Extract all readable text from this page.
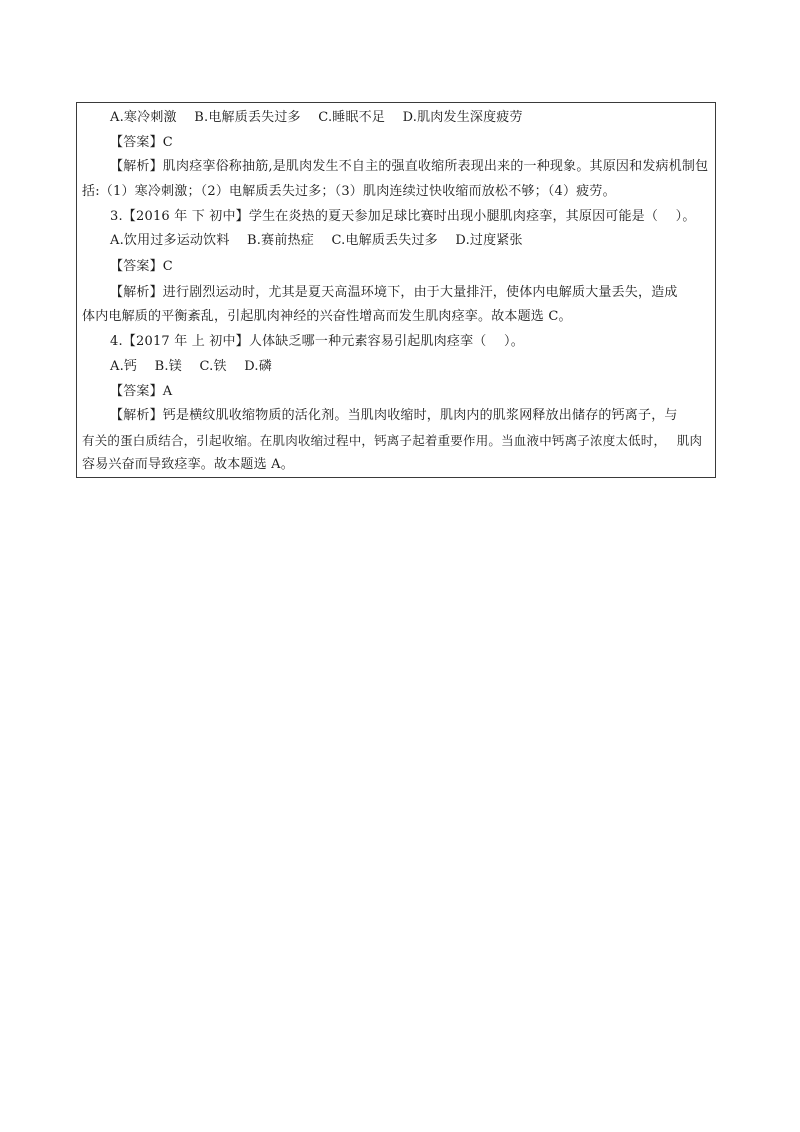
A.寒冷刺激　 B.电解质丢失过多　 C.睡眠不足　 D.肌肉发生深度疲劳
【答案】C
【解析】肌肉痉挛俗称抽筋,是肌肉发生不自主的强直收缩所表现出来的一种现象。其原因和发病机制包
括:（1）寒冷刺激；（2）电解质丢失过多；（3）肌肉连续过快收缩而放松不够；（4）疲劳。
3.【2016 年 下 初中】学生在炎热的夏天参加足球比赛时出现小腿肌肉痉挛，其原因可能是（　 ）。
A.饮用过多运动饮料　 B.赛前热症　 C.电解质丢失过多　 D.过度紧张
【答案】C
【解析】进行剧烈运动时，尤其是夏天高温环境下，由于大量排汗，使体内电解质大量丢失，造成
体内电解质的平衡紊乱，引起肌肉神经的兴奋性增高而发生肌肉痉挛。故本题选 C。
4.【2017 年 上 初中】人体缺乏哪一种元素容易引起肌肉痉挛（　 ）。
A.钙　 B.镁　 C.铁　 D.磷
【答案】A
【解析】钙是横纹肌收缩物质的活化剂。当肌肉收缩时，肌肉内的肌浆网释放出储存的钙离子，与
有关的蛋白质结合，引起收缩。在肌肉收缩过程中，钙离子起着重要作用。当血液中钙离子浓度太低时，　 肌肉
容易兴奋而导致痉挛。故本题选 A。
